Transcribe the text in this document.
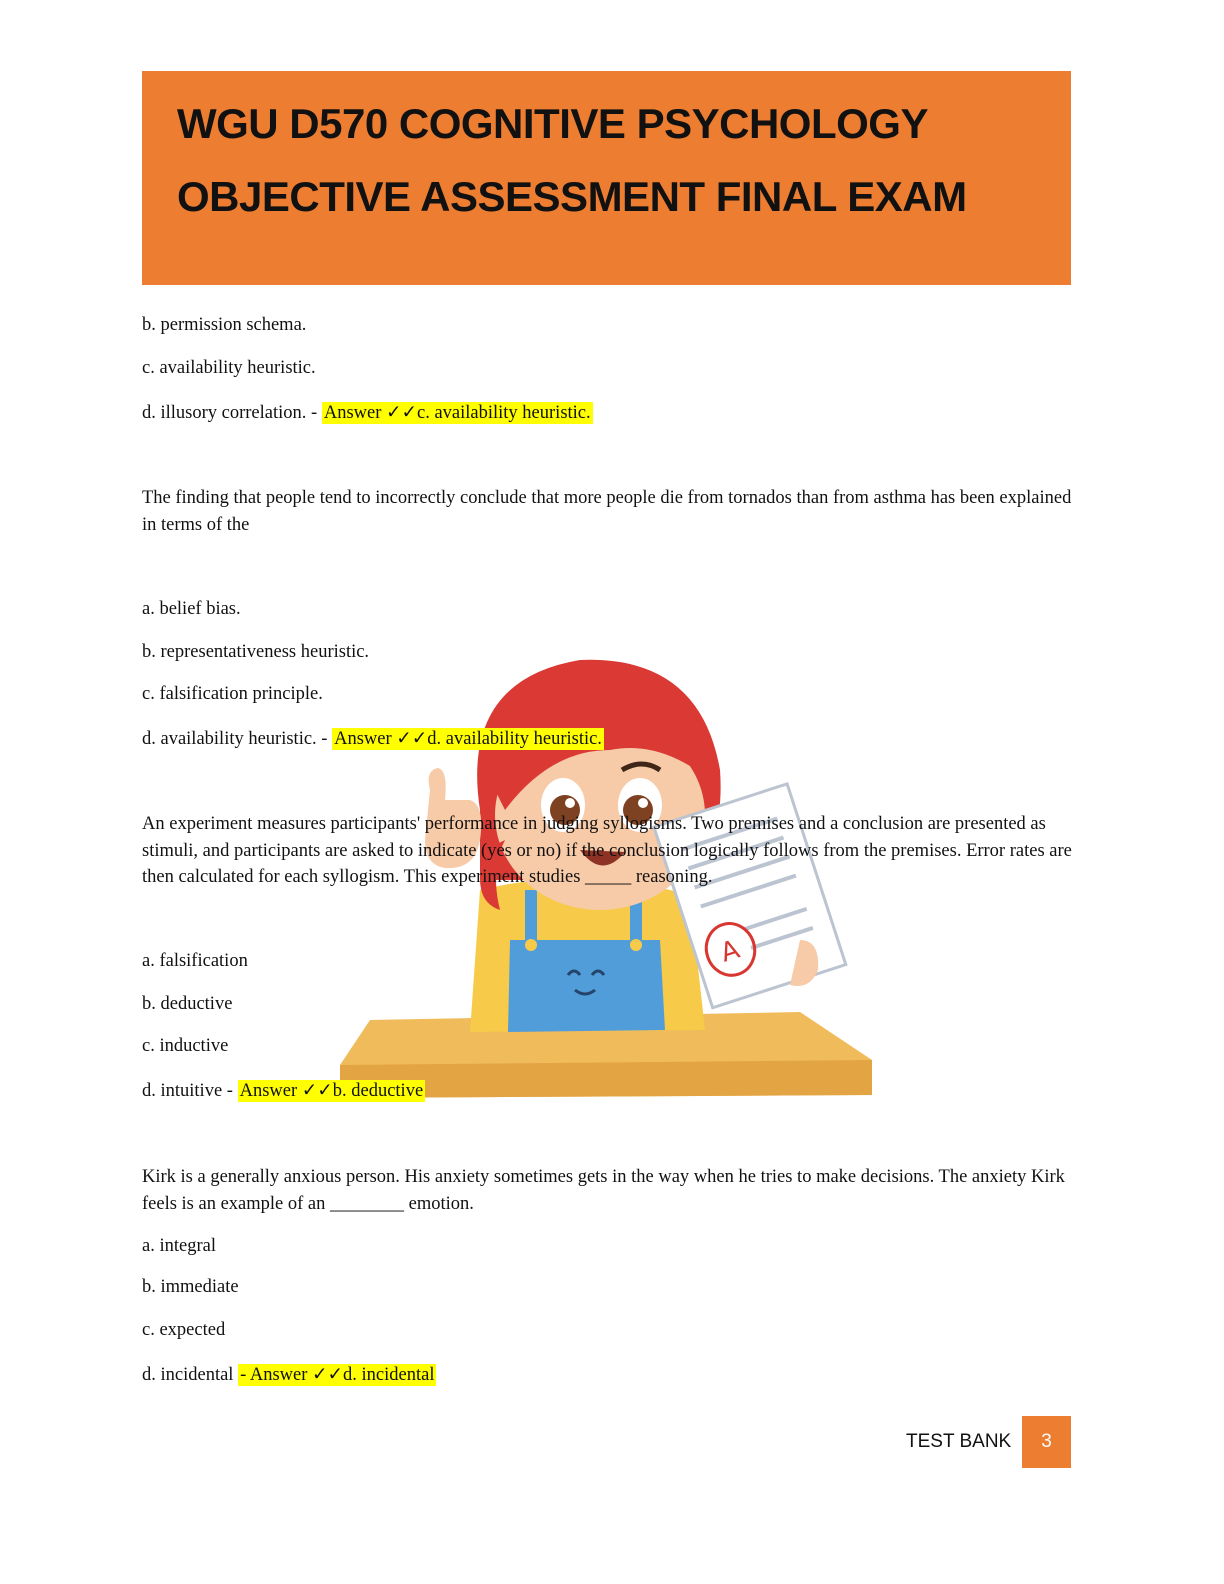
WGU D570 COGNITIVE PSYCHOLOGY
OBJECTIVE ASSESSMENT FINAL EXAM
A
b. permission schema.
c. availability heuristic.
d. illusory correlation. - Answer ✓✓c. availability heuristic.
The finding that people tend to incorrectly conclude that more people die from tornados than from asthma has been explained in terms of the
a. belief bias.
b. representativeness heuristic.
c. falsification principle.
d. availability heuristic. - Answer ✓✓d. availability heuristic.
An experiment measures participants' performance in judging syllogisms. Two premises and a conclusion are presented as stimuli, and participants are asked to indicate (yes or no) if the conclusion logically follows from the premises. Error rates are then calculated for each syllogism. This experiment studies _____ reasoning.
a. falsification
b. deductive
c. inductive
d. intuitive - Answer ✓✓b. deductive
Kirk is a generally anxious person. His anxiety sometimes gets in the way when he tries to make decisions. The anxiety Kirk feels is an example of an ________ emotion.
a. integral
b. immediate
c. expected
d. incidental - Answer ✓✓d. incidental
TEST BANK	3
